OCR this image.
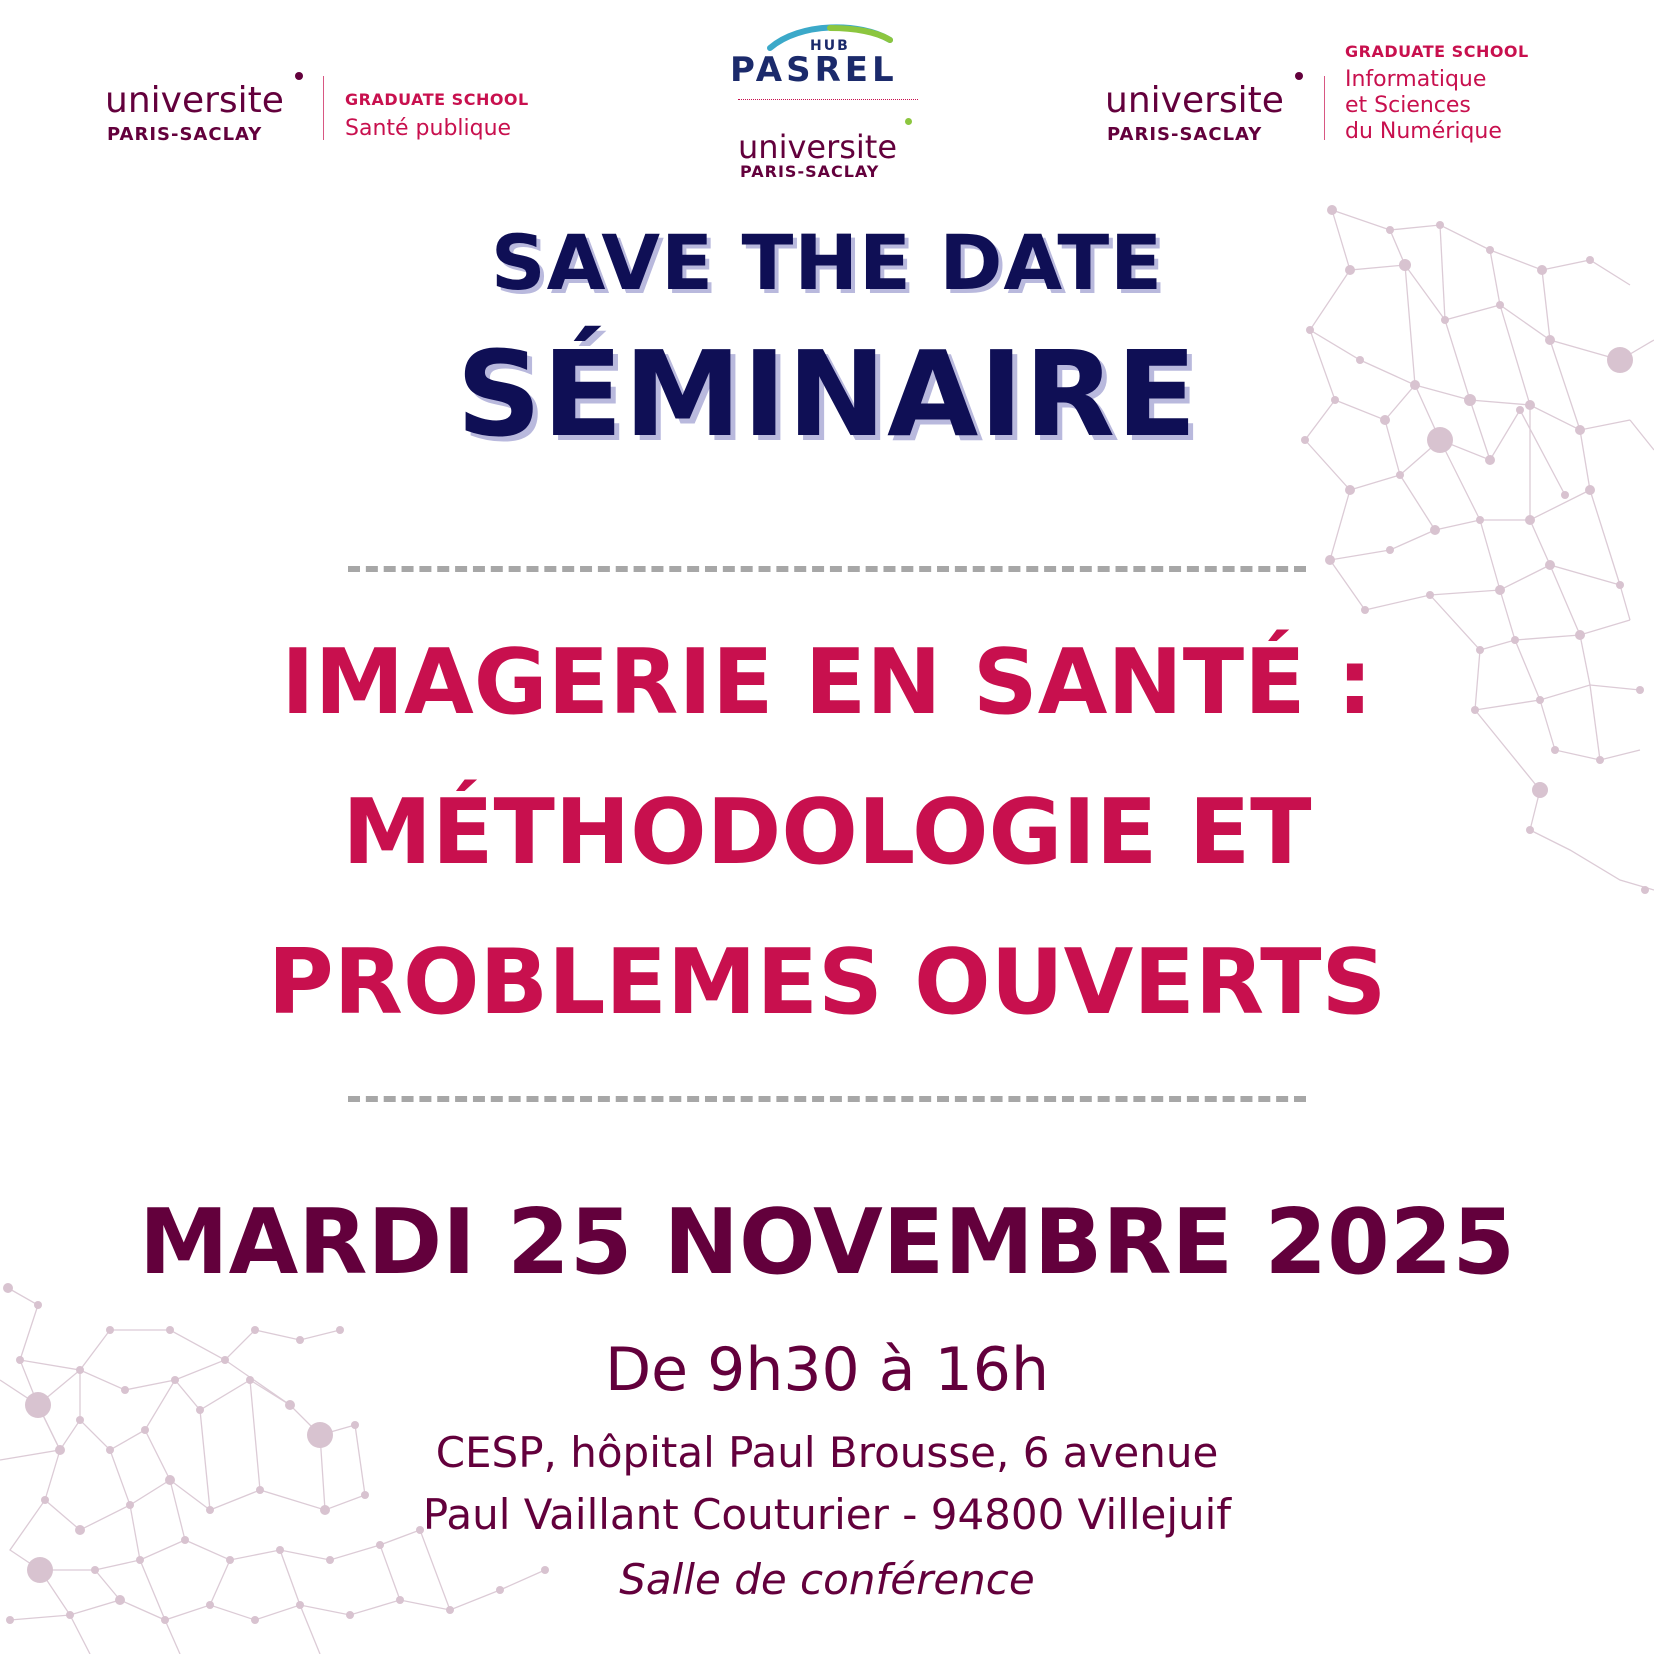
universite
PARIS-SACLAY
GRADUATE SCHOOL
Santé publique
HUB
PASREL
universite
PARIS-SACLAY
universite
PARIS-SACLAY
GRADUATE SCHOOL
Informatique
et Sciences
du Numérique
SAVE THE DATE
SÉMINAIRE
IMAGERIE EN SANTÉ :
MÉTHODOLOGIE ET
PROBLEMES OUVERTS
MARDI 25 NOVEMBRE 2025
De 9h30 à 16h
CESP, hôpital Paul Brousse, 6 avenue
Paul Vaillant Couturier - 94800 Villejuif
Salle de conférence
